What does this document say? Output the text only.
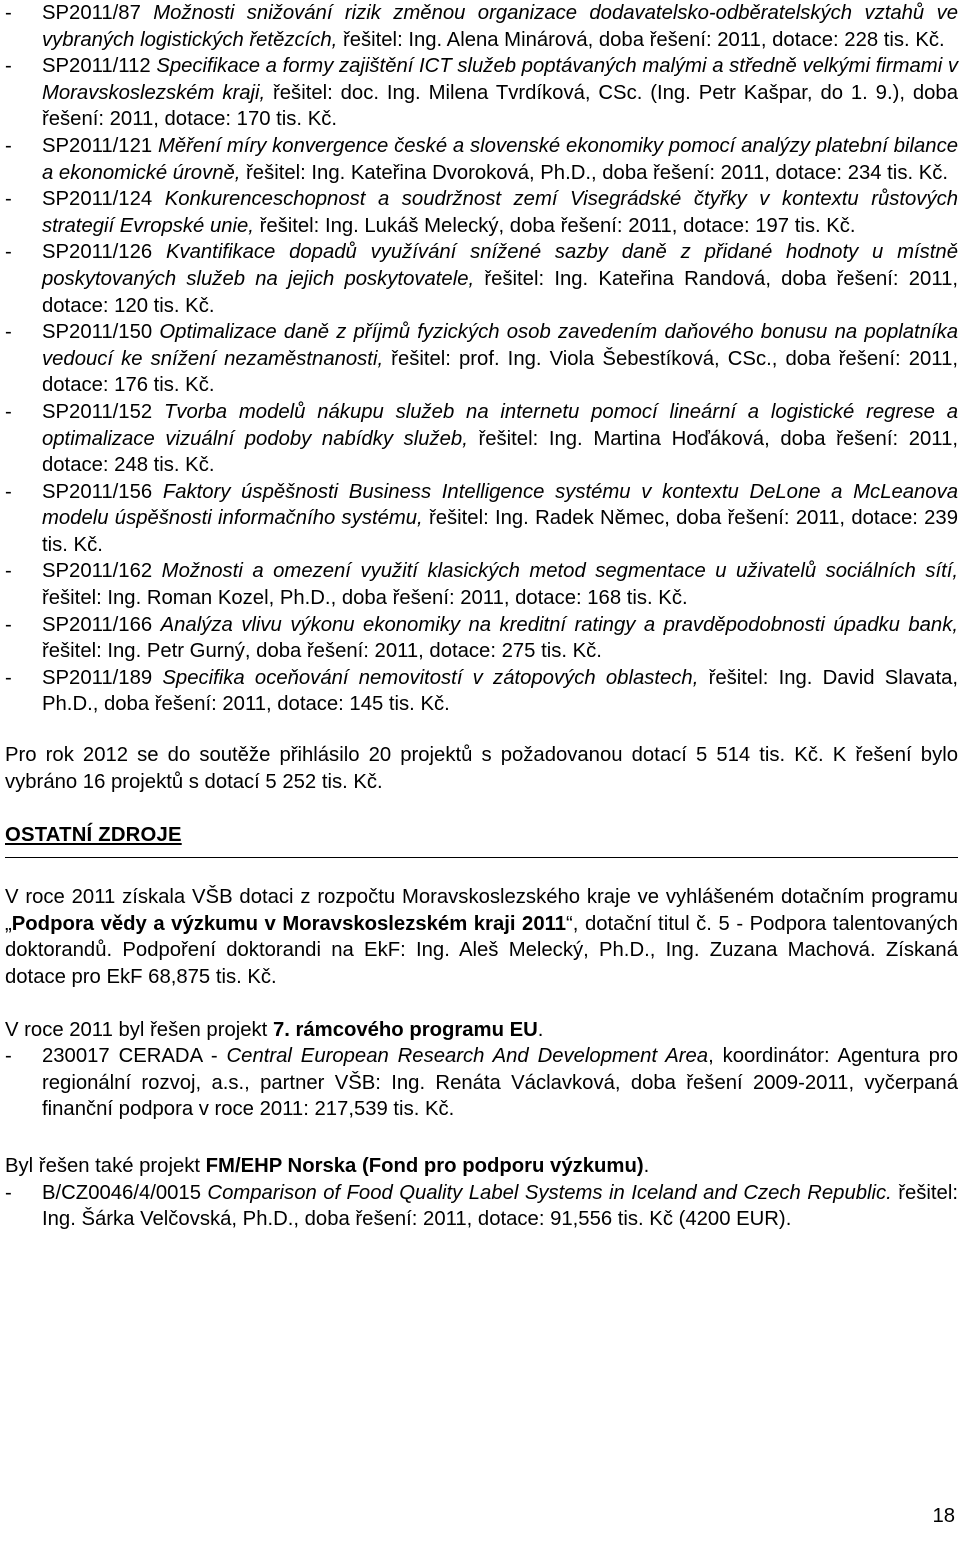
- SP2011/87 Možnosti snižování rizik změnou organizace dodavatelsko-odběratelských vztahů ve vybraných logistických řetězcích, řešitel: Ing. Alena Minárová, doba řešení: 2011, dotace: 228 tis. Kč.
- SP2011/112 Specifikace a formy zajištění ICT služeb poptávaných malými a středně velkými firmami v Moravskoslezském kraji, řešitel: doc. Ing. Milena Tvrdíková, CSc. (Ing. Petr Kašpar, do 1. 9.), doba řešení: 2011, dotace: 170 tis. Kč.
- SP2011/121 Měření míry konvergence české a slovenské ekonomiky pomocí analýzy platební bilance a ekonomické úrovně, řešitel: Ing. Kateřina Dvoroková, Ph.D., doba řešení: 2011, dotace: 234 tis. Kč.
- SP2011/124 Konkurenceschopnost a soudržnost zemí Visegrádské čtyřky v kontextu růstových strategií Evropské unie, řešitel: Ing. Lukáš Melecký, doba řešení: 2011, dotace: 197 tis. Kč.
- SP2011/126 Kvantifikace dopadů využívání snížené sazby daně z přidané hodnoty u místně poskytovaných služeb na jejich poskytovatele, řešitel: Ing. Kateřina Randová, doba řešení: 2011, dotace: 120 tis. Kč.
- SP2011/150 Optimalizace daně z příjmů fyzických osob zavedením daňového bonusu na poplatníka vedoucí ke snížení nezaměstnanosti, řešitel: prof. Ing. Viola Šebestíková, CSc., doba řešení: 2011, dotace: 176 tis. Kč.
- SP2011/152 Tvorba modelů nákupu služeb na internetu pomocí lineární a logistické regrese a optimalizace vizuální podoby nabídky služeb, řešitel: Ing. Martina Hoďáková, doba řešení: 2011, dotace: 248 tis. Kč.
- SP2011/156 Faktory úspěšnosti Business Intelligence systému v kontextu DeLone a McLeanova modelu úspěšnosti informačního systému, řešitel: Ing. Radek Němec, doba řešení: 2011, dotace: 239 tis. Kč.
- SP2011/162 Možnosti a omezení využití klasických metod segmentace u uživatelů sociálních sítí, řešitel: Ing. Roman Kozel, Ph.D., doba řešení: 2011, dotace: 168 tis. Kč.
- SP2011/166 Analýza vlivu výkonu ekonomiky na kreditní ratingy a pravděpodobnosti úpadku bank, řešitel: Ing. Petr Gurný, doba řešení: 2011, dotace: 275 tis. Kč.
- SP2011/189 Specifika oceňování nemovitostí v zátopových oblastech, řešitel: Ing. David Slavata, Ph.D., doba řešení: 2011, dotace: 145 tis. Kč.

Pro rok 2012 se do soutěže přihlásilo 20 projektů s požadovanou dotací 5 514 tis. Kč. K řešení bylo vybráno 16 projektů s dotací 5 252 tis. Kč.

OSTATNÍ ZDROJE

V roce 2011 získala VŠB dotaci z rozpočtu Moravskoslezského kraje ve vyhlášeném dotačním programu „Podpora vědy a výzkumu v Moravskoslezském kraji 2011“, dotační titul č. 5 - Podpora talentovaných doktorandů. Podpoření doktorandi na EkF: Ing. Aleš Melecký, Ph.D., Ing. Zuzana Machová. Získaná dotace pro EkF 68,875 tis. Kč.

V roce 2011 byl řešen projekt 7. rámcového programu EU.

- 230017 CERADA - Central European Research And Development Area, koordinátor: Agentura pro regionální rozvoj, a.s., partner VŠB: Ing. Renáta Václavková, doba řešení 2009-2011, vyčerpaná finanční podpora v roce 2011: 217,539 tis. Kč.

Byl řešen také projekt FM/EHP Norska (Fond pro podporu výzkumu).

- B/CZ0046/4/0015 Comparison of Food Quality Label Systems in Iceland and Czech Republic. řešitel: Ing. Šárka Velčovská, Ph.D., doba řešení: 2011, dotace: 91,556 tis. Kč (4200 EUR).
18
